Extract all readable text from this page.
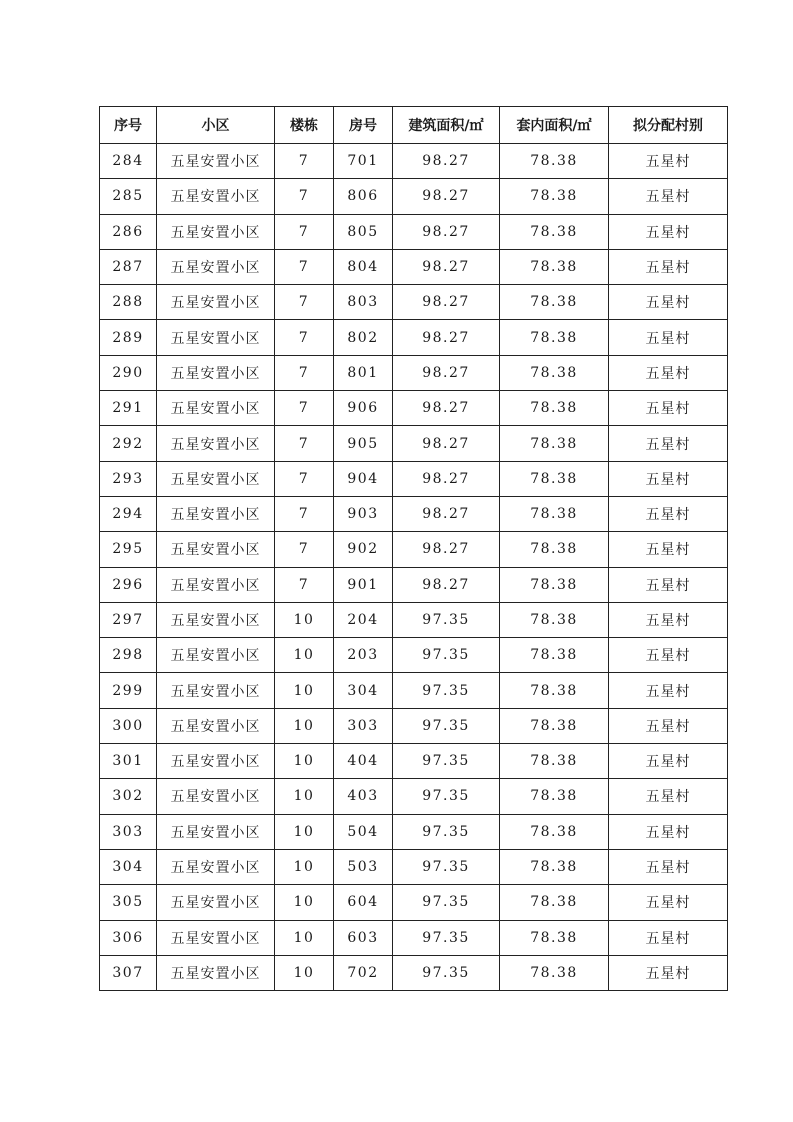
序号	小区	楼栋	房号	建筑面积/㎡	套内面积/㎡	拟分配村别
284	五星安置小区	7	701	98.27	78.38	五星村
285	五星安置小区	7	806	98.27	78.38	五星村
286	五星安置小区	7	805	98.27	78.38	五星村
287	五星安置小区	7	804	98.27	78.38	五星村
288	五星安置小区	7	803	98.27	78.38	五星村
289	五星安置小区	7	802	98.27	78.38	五星村
290	五星安置小区	7	801	98.27	78.38	五星村
291	五星安置小区	7	906	98.27	78.38	五星村
292	五星安置小区	7	905	98.27	78.38	五星村
293	五星安置小区	7	904	98.27	78.38	五星村
294	五星安置小区	7	903	98.27	78.38	五星村
295	五星安置小区	7	902	98.27	78.38	五星村
296	五星安置小区	7	901	98.27	78.38	五星村
297	五星安置小区	10	204	97.35	78.38	五星村
298	五星安置小区	10	203	97.35	78.38	五星村
299	五星安置小区	10	304	97.35	78.38	五星村
300	五星安置小区	10	303	97.35	78.38	五星村
301	五星安置小区	10	404	97.35	78.38	五星村
302	五星安置小区	10	403	97.35	78.38	五星村
303	五星安置小区	10	504	97.35	78.38	五星村
304	五星安置小区	10	503	97.35	78.38	五星村
305	五星安置小区	10	604	97.35	78.38	五星村
306	五星安置小区	10	603	97.35	78.38	五星村
307	五星安置小区	10	702	97.35	78.38	五星村
